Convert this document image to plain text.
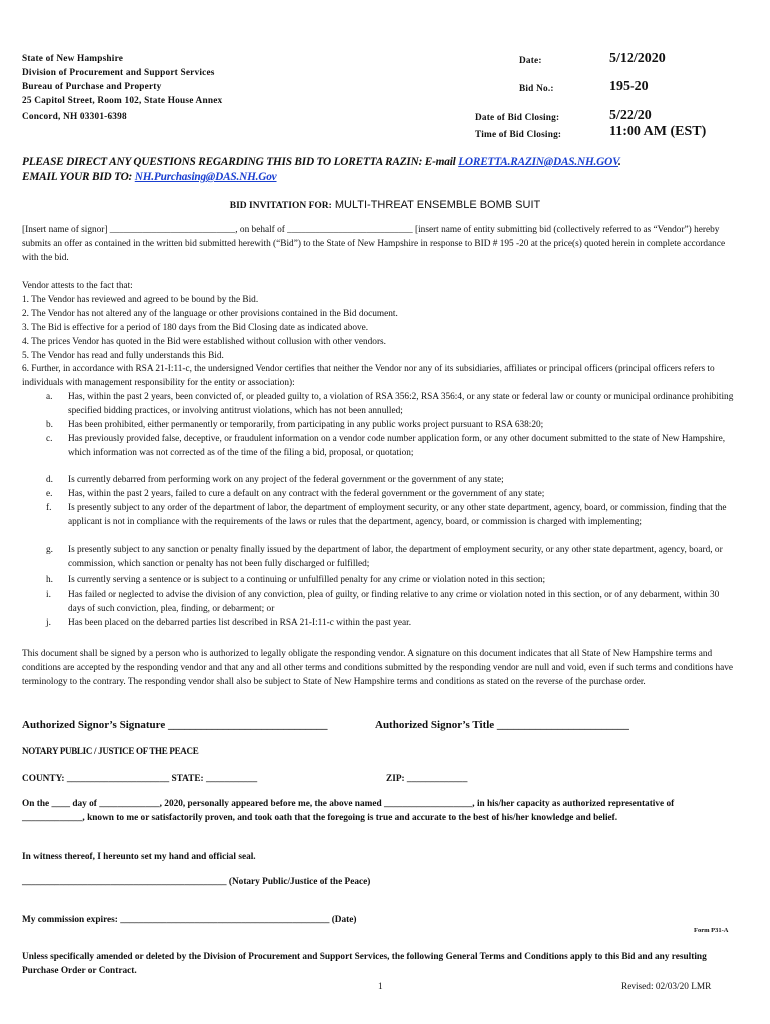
State of New Hampshire
Division of Procurement and Support Services
Bureau of Purchase and Property
25 Capitol Street, Room 102, State House Annex
Concord, NH 03301-6398
Date:	5/12/2020
Bid No.:	195-20
Date of Bid Closing:	5/22/20
Time of Bid Closing:	11:00 AM (EST)
PLEASE DIRECT ANY QUESTIONS REGARDING THIS BID TO LORETTA RAZIN: E-mail LORETTA.RAZIN@DAS.NH.GOV.
EMAIL YOUR BID TO: NH.Purchasing@DAS.NH.Gov
BID INVITATION FOR: MULTI-THREAT ENSEMBLE BOMB SUIT
[Insert name of signor] ___________________________, on behalf of ___________________________ [insert name of entity submitting bid (collectively referred to as “Vendor”) hereby submits an offer as contained in the written bid submitted herewith (“Bid”) to the State of New Hampshire in response to BID # 195 -20 at the price(s) quoted herein in complete accordance with the bid.
Vendor attests to the fact that:
1. The Vendor has reviewed and agreed to be bound by the Bid.
2. The Vendor has not altered any of the language or other provisions contained in the Bid document.
3. The Bid is effective for a period of 180 days from the Bid Closing date as indicated above.
4. The prices Vendor has quoted in the Bid were established without collusion with other vendors.
5. The Vendor has read and fully understands this Bid.
6. Further, in accordance with RSA 21-I:11-c, the undersigned Vendor certifies that neither the Vendor nor any of its subsidiaries, affiliates or principal officers (principal officers refers to individuals with management responsibility for the entity or association):
a.	Has, within the past 2 years, been convicted of, or pleaded guilty to, a violation of RSA 356:2, RSA 356:4, or any state or federal law or county or municipal ordinance prohibiting specified bidding practices, or involving antitrust violations, which has not been annulled;
b.	Has been prohibited, either permanently or temporarily, from participating in any public works project pursuant to RSA 638:20;
c.	Has previously provided false, deceptive, or fraudulent information on a vendor code number application form, or any other document submitted to the state of New Hampshire, which information was not corrected as of the time of the filing a bid, proposal, or quotation;
d.	Is currently debarred from performing work on any project of the federal government or the government of any state;
e.	Has, within the past 2 years, failed to cure a default on any contract with the federal government or the government of any state;
f.	Is presently subject to any order of the department of labor, the department of employment security, or any other state department, agency, board, or commission, finding that the applicant is not in compliance with the requirements of the laws or rules that the department, agency, board, or commission is charged with implementing;
g.	Is presently subject to any sanction or penalty finally issued by the department of labor, the department of employment security, or any other state department, agency, board, or commission, which sanction or penalty has not been fully discharged or fulfilled;
h.	Is currently serving a sentence or is subject to a continuing or unfulfilled penalty for any crime or violation noted in this section;
i.	Has failed or neglected to advise the division of any conviction, plea of guilty, or finding relative to any crime or violation noted in this section, or of any debarment, within 30 days of such conviction, plea, finding, or debarment; or
j.	Has been placed on the debarred parties list described in RSA 21-I:11-c within the past year.
This document shall be signed by a person who is authorized to legally obligate the responding vendor. A signature on this document indicates that all State of New Hampshire terms and conditions are accepted by the responding vendor and that any and all other terms and conditions submitted by the responding vendor are null and void, even if such terms and conditions have terminology to the contrary. The responding vendor shall also be subject to State of New Hampshire terms and conditions as stated on the reverse of the purchase order.
Authorized Signor’s Signature _____________________________	Authorized Signor’s Title ________________________
NOTARY PUBLIC / JUSTICE OF THE PEACE
COUNTY: ______________________ STATE: ___________	ZIP: _____________
On the ____ day of _____________, 2020, personally appeared before me, the above named ___________________, in his/her capacity as authorized representative of _____________, known to me or satisfactorily proven, and took oath that the foregoing is true and accurate to the best of his/her knowledge and belief.
In witness thereof, I hereunto set my hand and official seal.
____________________________________________ (Notary Public/Justice of the Peace)
My commission expires: _____________________________________________ (Date)
Form P31-A
Unless specifically amended or deleted by the Division of Procurement and Support Services, the following General Terms and Conditions apply to this Bid and any resulting Purchase Order or Contract.
1	Revised: 02/03/20 LMR
